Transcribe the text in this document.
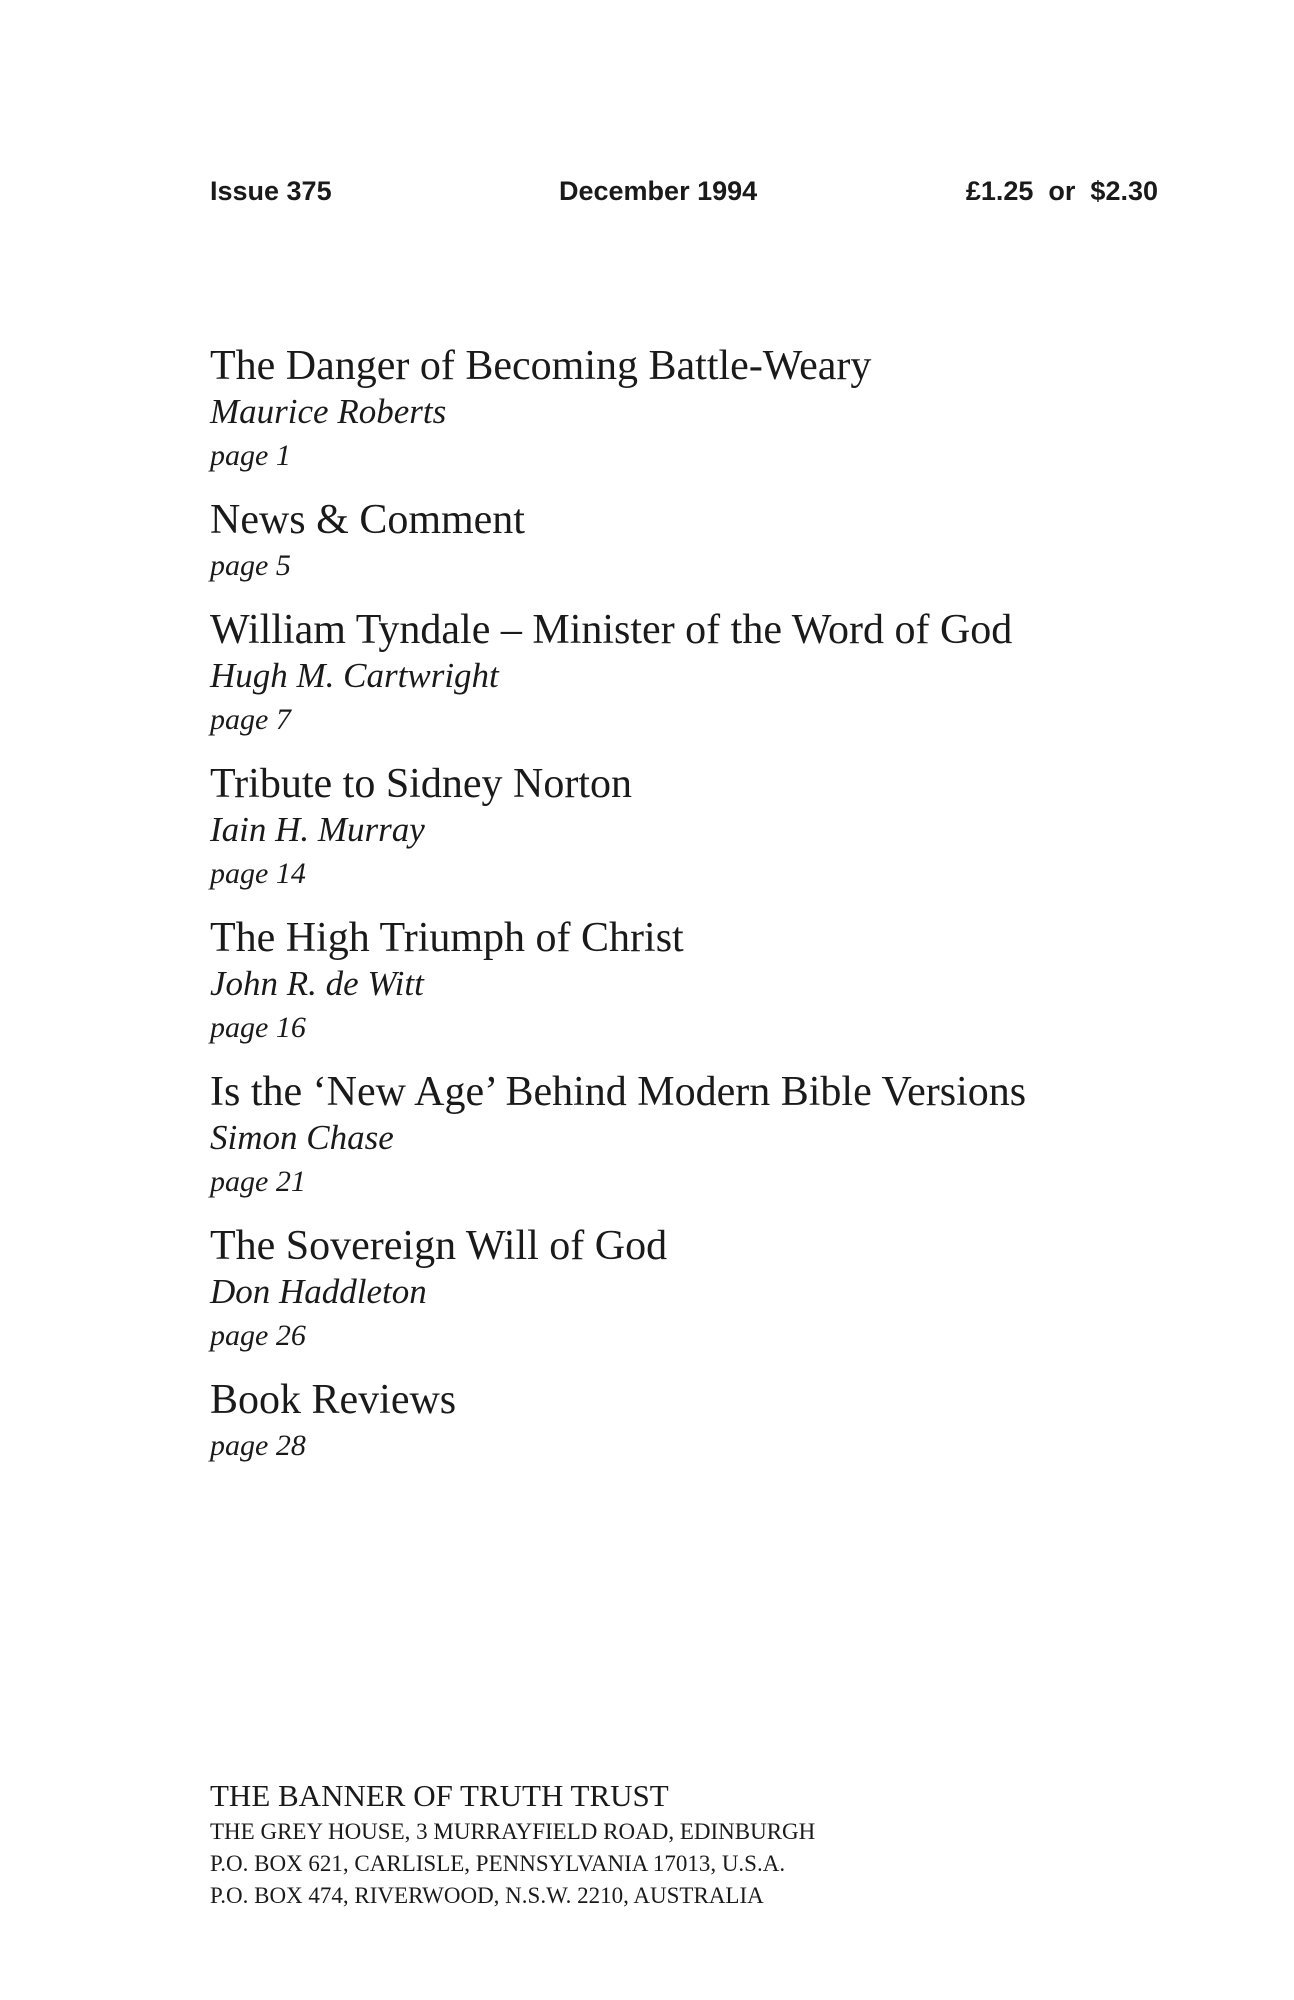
Issue 375	December 1994	£1.25  or  $2.30
The Danger of Becoming Battle-Weary
Maurice Roberts
page 1
News & Comment
page 5
William Tyndale – Minister of the Word of God
Hugh M. Cartwright
page 7
Tribute to Sidney Norton
Iain H. Murray
page 14
The High Triumph of Christ
John R. de Witt
page 16
Is the ‘New Age’ Behind Modern Bible Versions
Simon Chase
page 21
The Sovereign Will of God
Don Haddleton
page 26
Book Reviews
page 28
THE BANNER OF TRUTH TRUST
THE GREY HOUSE, 3 MURRAYFIELD ROAD, EDINBURGH
P.O. BOX 621, CARLISLE, PENNSYLVANIA 17013, U.S.A.
P.O. BOX 474, RIVERWOOD, N.S.W. 2210, AUSTRALIA
